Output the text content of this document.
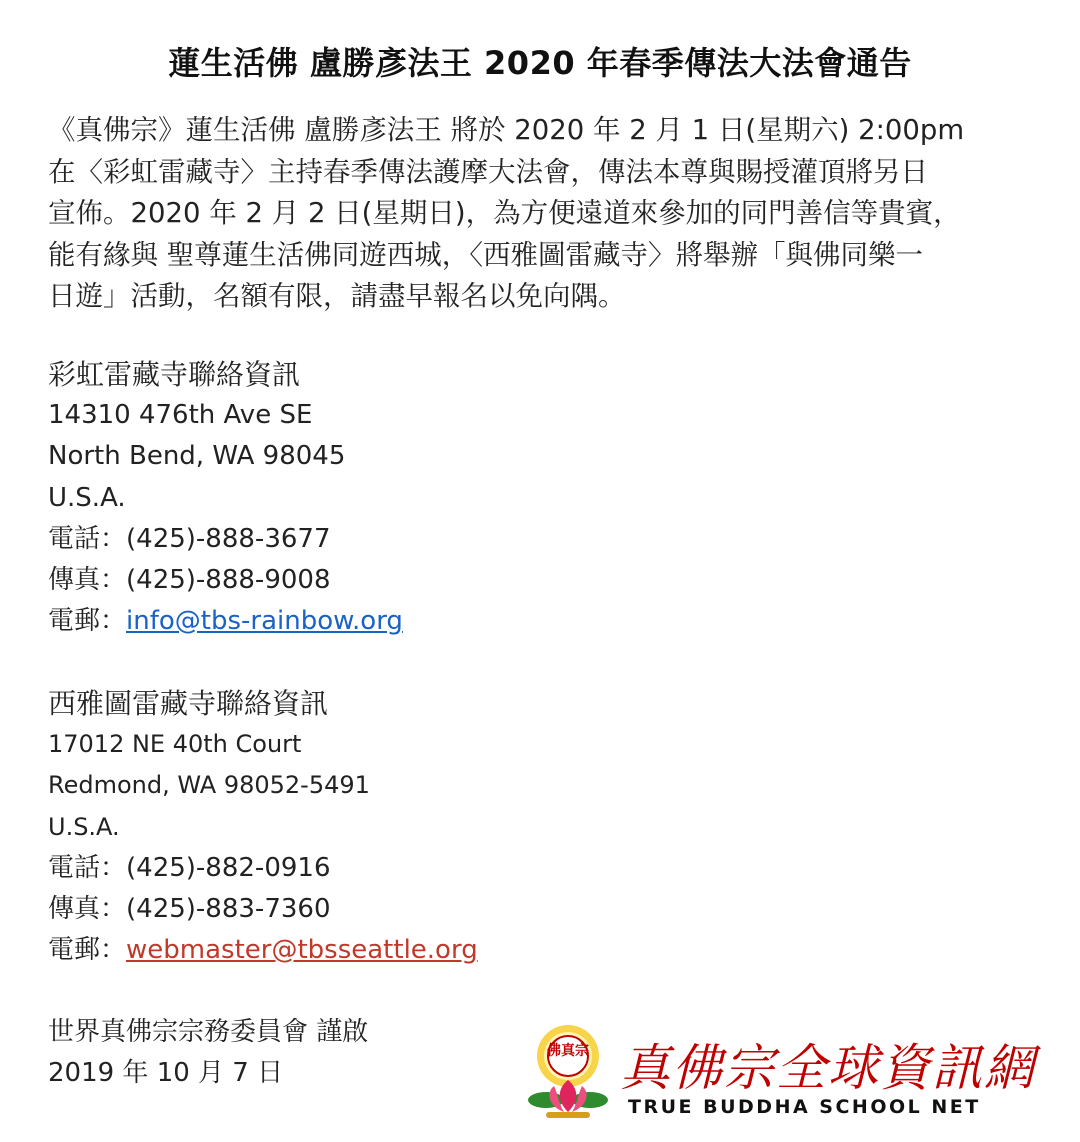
蓮生活佛 盧勝彥法王 2020 年春季傳法大法會通告

《真佛宗》蓮生活佛 盧勝彥法王 將於 2020 年 2 月 1 日(星期六) 2:00pm

在〈彩虹雷藏寺〉主持春季傳法護摩大法會，傳法本尊與賜授灌頂將另日

宣佈。2020 年 2 月 2 日(星期日)，為方便遠道來參加的同門善信等貴賓，

能有緣與 聖尊蓮生活佛同遊西城，〈西雅圖雷藏寺〉將舉辦「與佛同樂一

日遊」活動，名額有限，請盡早報名以免向隅。

彩虹雷藏寺聯絡資訊

14310 476th Ave SE

North Bend, WA 98045

U.S.A.

電話：(425)-888-3677

傳真：(425)-888-9008

電郵：info@tbs-rainbow.org

西雅圖雷藏寺聯絡資訊

17012 NE 40th Court

Redmond, WA 98052-5491

U.S.A.

電話：(425)-882-0916

傳真：(425)-883-7360

電郵：webmaster@tbsseattle.org

世界真佛宗宗務委員會 謹啟

2019 年 10 月 7 日

佛真宗 真佛宗全球資訊網
TRUE BUDDHA SCHOOL NET
